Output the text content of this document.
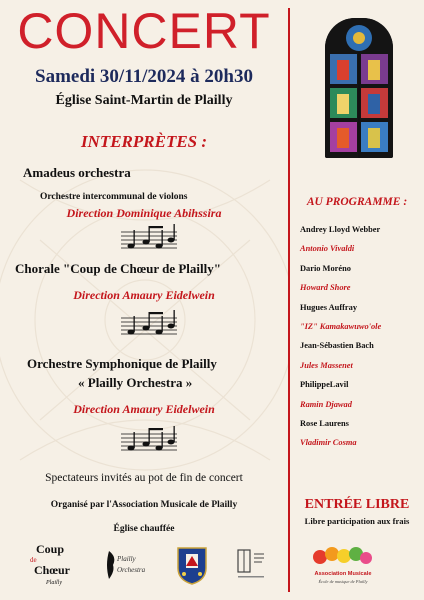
CONCERT
Samedi 30/11/2024 à 20h30
Église Saint-Martin de Plailly
INTERPRÈTES :
Amadeus orchestra
Orchestre intercommunal de violons
Direction Dominique Abihssira
Chorale "Coup de Chœur de Plailly"
Direction Amaury Eidelwein
Orchestre Symphonique de Plailly
« Plailly Orchestra »
Direction Amaury Eidelwein
Spectateurs invités au pot de fin de concert
Organisé par l'Association Musicale de Plailly
Église chauffée
AU PROGRAMME :
Andrey Lloyd Webber
Antonio Vivaldi
Dario Moréno
Howard Shore
Hugues Auffray
"IZ" Kamakawuwo'ole
Jean-Sébastien Bach
Jules Massenet
PhilippeLavil
Ramin Djawad
Rose Laurens
Vladimir Cosma
ENTRÉE LIBRE
Libre participation aux frais
Coup
de
Chœur
Plailly
Plailly
Orchestra	Association Musicale
École de musique de Plailly
